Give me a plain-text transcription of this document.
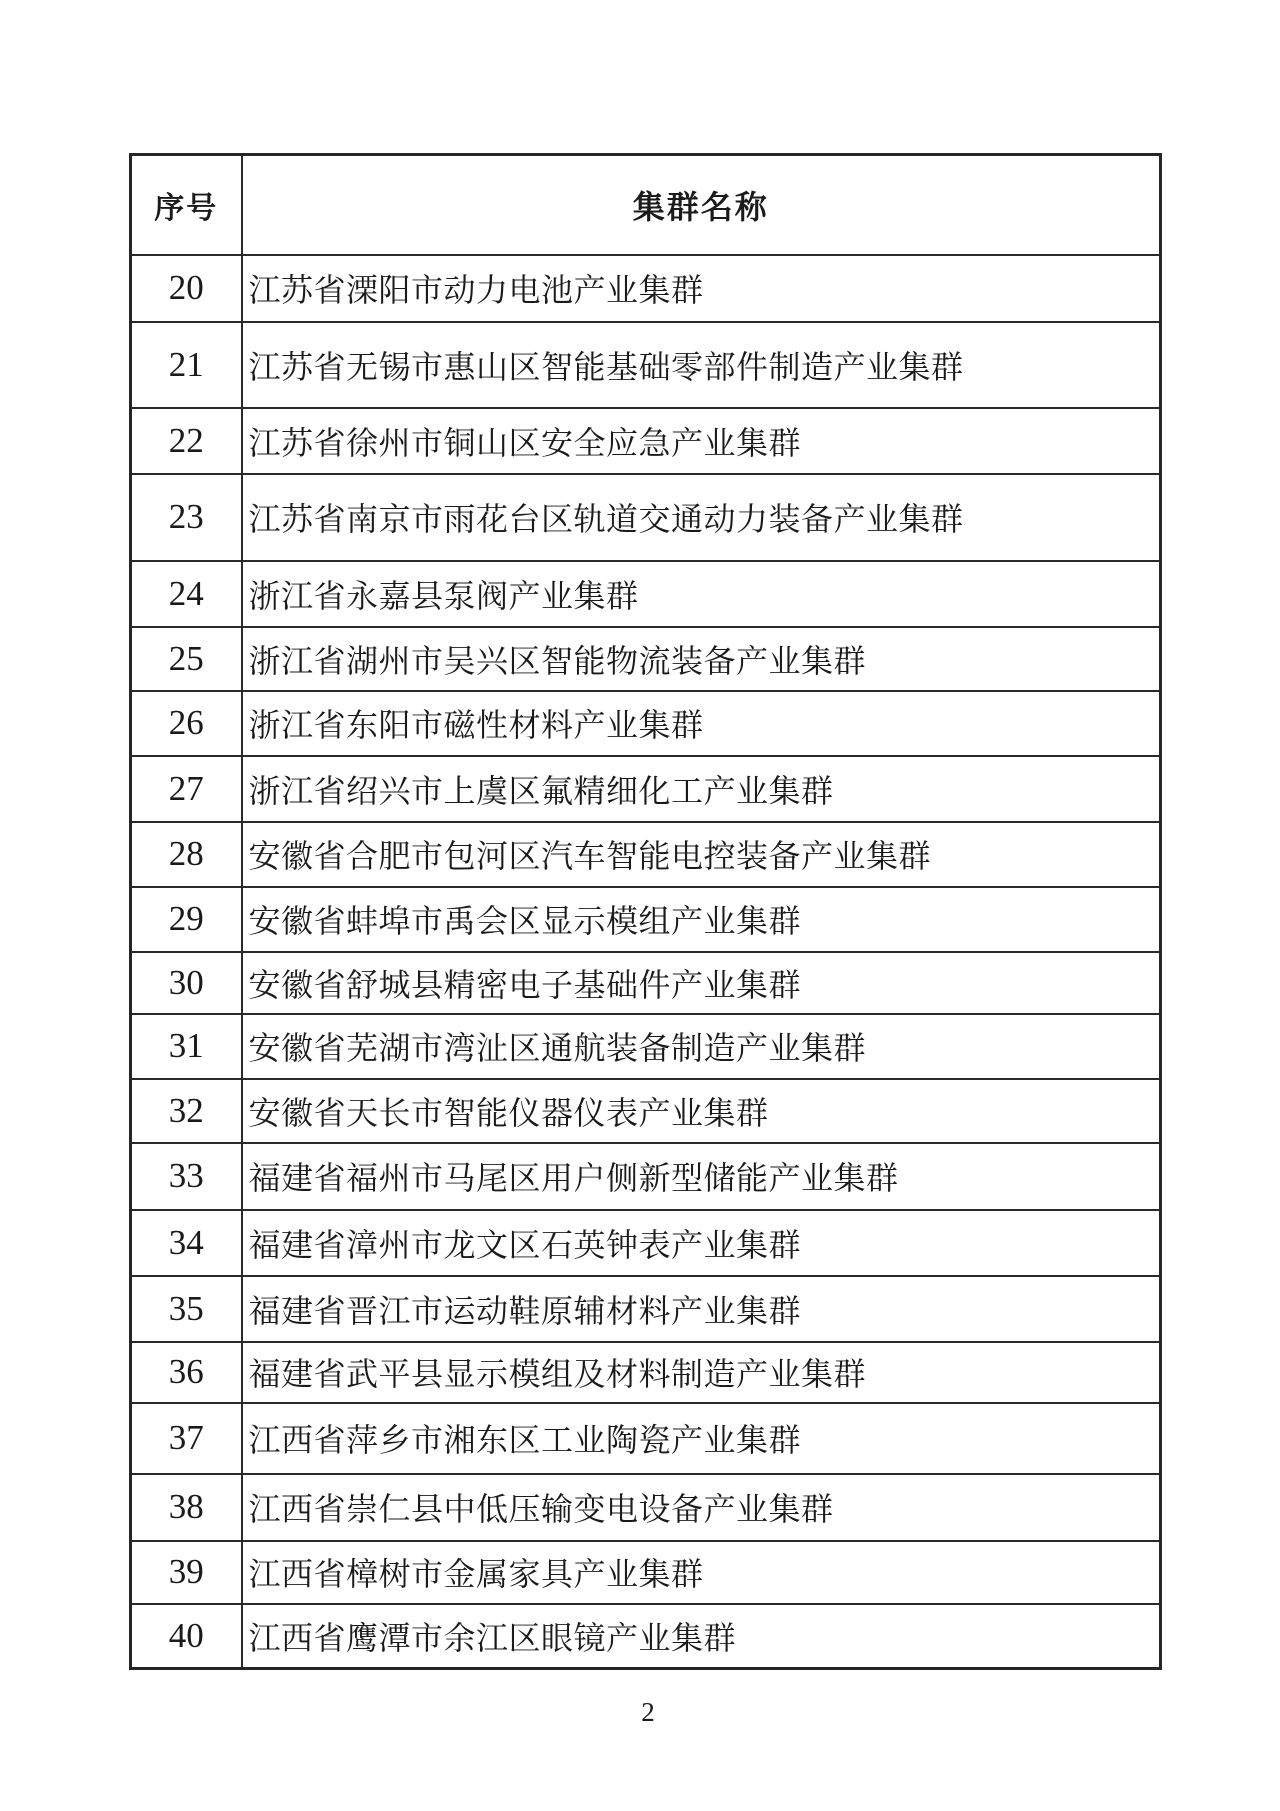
序号	集群名称
20	江苏省溧阳市动力电池产业集群
21	江苏省无锡市惠山区智能基础零部件制造产业集群
22	江苏省徐州市铜山区安全应急产业集群
23	江苏省南京市雨花台区轨道交通动力装备产业集群
24	浙江省永嘉县泵阀产业集群
25	浙江省湖州市吴兴区智能物流装备产业集群
26	浙江省东阳市磁性材料产业集群
27	浙江省绍兴市上虞区氟精细化工产业集群
28	安徽省合肥市包河区汽车智能电控装备产业集群
29	安徽省蚌埠市禹会区显示模组产业集群
30	安徽省舒城县精密电子基础件产业集群
31	安徽省芜湖市湾沚区通航装备制造产业集群
32	安徽省天长市智能仪器仪表产业集群
33	福建省福州市马尾区用户侧新型储能产业集群
34	福建省漳州市龙文区石英钟表产业集群
35	福建省晋江市运动鞋原辅材料产业集群
36	福建省武平县显示模组及材料制造产业集群
37	江西省萍乡市湘东区工业陶瓷产业集群
38	江西省崇仁县中低压输变电设备产业集群
39	江西省樟树市金属家具产业集群
40	江西省鹰潭市余江区眼镜产业集群
2
